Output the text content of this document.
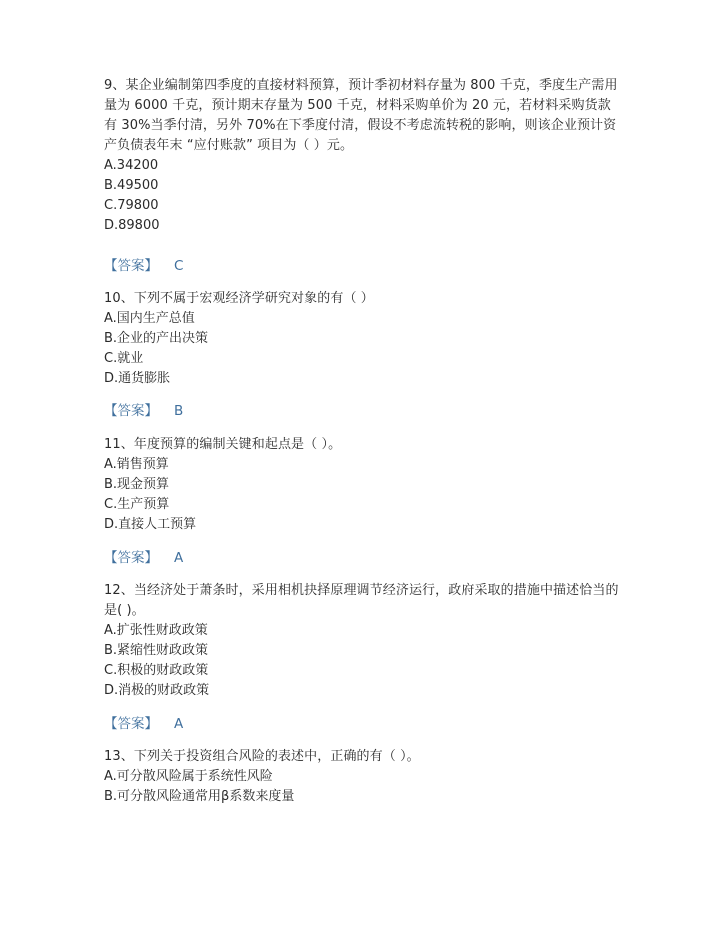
9、某企业编制第四季度的直接材料预算，预计季初材料存量为 800 千克，季度生产需用量为 6000 千克，预计期末存量为 500 千克，材料采购单价为 20 元，若材料采购货款有 30%当季付清，另外 70%在下季度付清，假设不考虑流转税的影响，则该企业预计资产负债表年末 “应付账款” 项目为（ ）元。

A.34200

B.49500

C.79800

D.89800

【答案】 C

10、下列不属于宏观经济学研究对象的有（ ）

A.国内生产总值

B.企业的产出决策

C.就业

D.通货膨胀

【答案】 B

11、年度预算的编制关键和起点是（ ）。

A.销售预算

B.现金预算

C.生产预算

D.直接人工预算

【答案】 A

12、当经济处于萧条时，采用相机抉择原理调节经济运行，政府采取的措施中描述恰当的是( )。

A.扩张性财政政策

B.紧缩性财政政策

C.积极的财政政策

D.消极的财政政策

【答案】 A

13、下列关于投资组合风险的表述中，正确的有（ ）。

A.可分散风险属于系统性风险

B.可分散风险通常用β系数来度量
